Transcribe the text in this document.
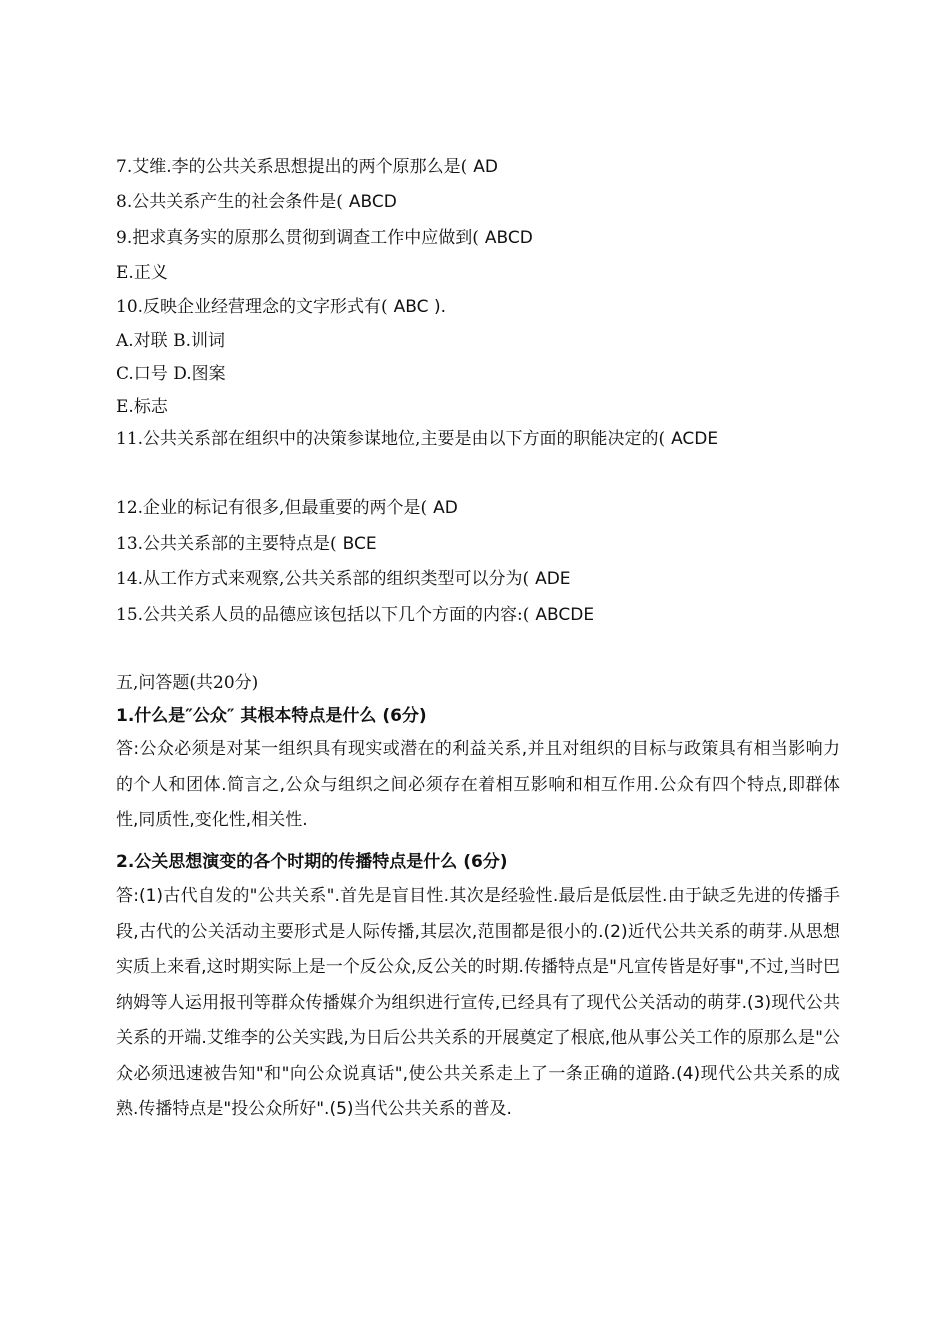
7.艾维.李的公共关系思想提出的两个原那么是( AD
8.公共关系产生的社会条件是( ABCD
9.把求真务实的原那么贯彻到调查工作中应做到( ABCD
E.正义
10.反映企业经营理念的文字形式有( ABC ).
A.对联 B.训词
C.口号 D.图案
E.标志
11.公共关系部在组织中的决策参谋地位,主要是由以下方面的职能决定的( ACDE
12.企业的标记有很多,但最重要的两个是( AD
13.公共关系部的主要特点是( BCE
14.从工作方式来观察,公共关系部的组织类型可以分为( ADE
15.公共关系人员的品德应该包括以下几个方面的内容:( ABCDE
五,问答题(共20分)
1.什么是″公众″ 其根本特点是什么 (6分)
答:公众必须是对某一组织具有现实或潜在的利益关系,并且对组织的目标与政策具有相当影响力的个人和团体.简言之,公众与组织之间必须存在着相互影响和相互作用.公众有四个特点,即群体性,同质性,变化性,相关性.
2.公关思想演变的各个时期的传播特点是什么 (6分)
答:(1)古代自发的"公共关系".首先是盲目性.其次是经验性.最后是低层性.由于缺乏先进的传播手段,古代的公关活动主要形式是人际传播,其层次,范围都是很小的.(2)近代公共关系的萌芽.从思想实质上来看,这时期实际上是一个反公众,反公关的时期.传播特点是"凡宣传皆是好事",不过,当时巴纳姆等人运用报刊等群众传播媒介为组织进行宣传,已经具有了现代公关活动的萌芽.(3)现代公共关系的开端.艾维李的公关实践,为日后公共关系的开展奠定了根底,他从事公关工作的原那么是"公众必须迅速被告知"和"向公众说真话",使公共关系走上了一条正确的道路.(4)现代公共关系的成熟.传播特点是"投公众所好".(5)当代公共关系的普及.
